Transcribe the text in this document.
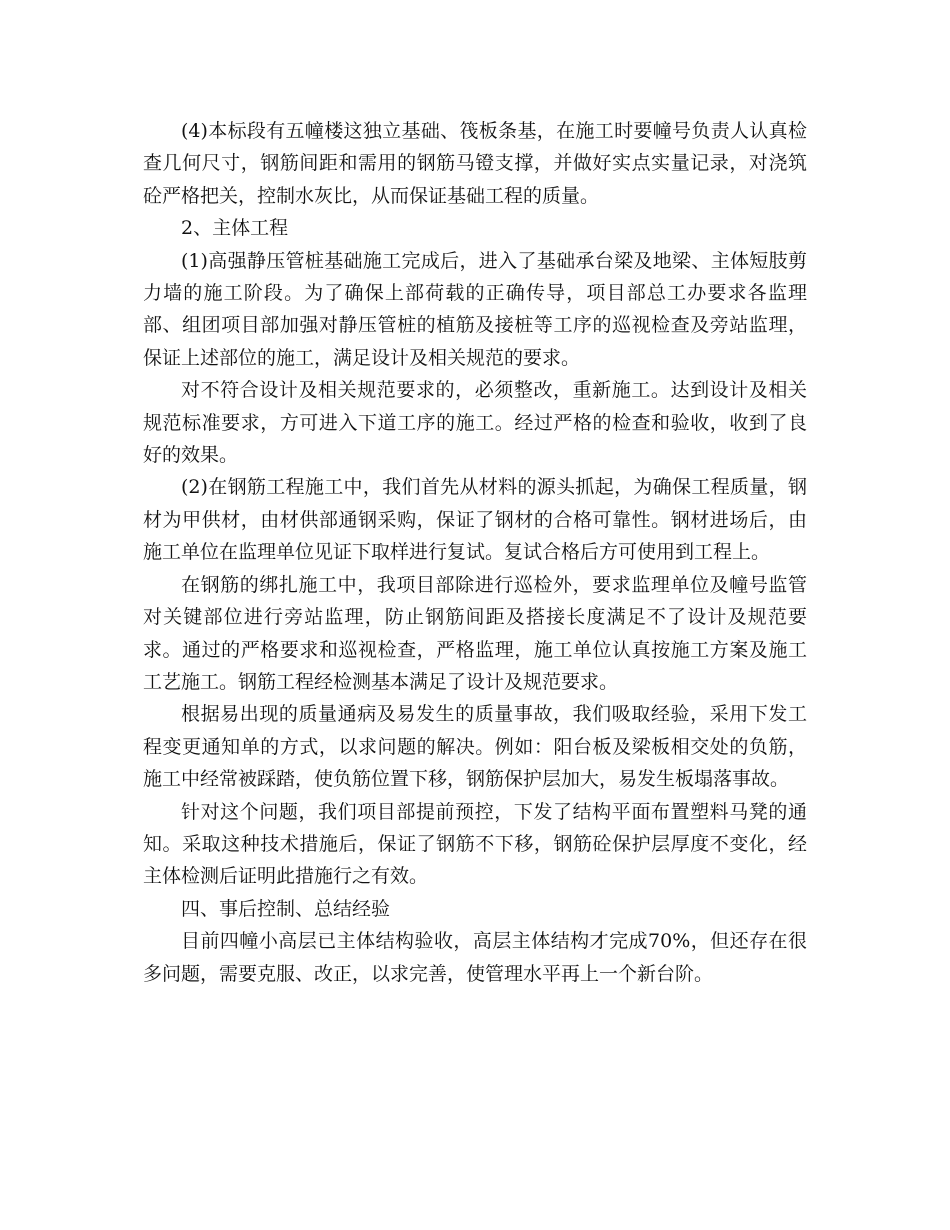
(4)本标段有五幢楼这独立基础、筏板条基，在施工时要幢号负责人认真检查几何尺寸，钢筋间距和需用的钢筋马镫支撑，并做好实点实量记录，对浇筑砼严格把关，控制水灰比，从而保证基础工程的质量。

2、主体工程

(1)高强静压管桩基础施工完成后，进入了基础承台梁及地梁、主体短肢剪力墙的施工阶段。为了确保上部荷载的正确传导，项目部总工办要求各监理部、组团项目部加强对静压管桩的植筋及接桩等工序的巡视检查及旁站监理，保证上述部位的施工，满足设计及相关规范的要求。

对不符合设计及相关规范要求的，必须整改，重新施工。达到设计及相关规范标准要求，方可进入下道工序的施工。经过严格的检查和验收，收到了良好的效果。

(2)在钢筋工程施工中，我们首先从材料的源头抓起，为确保工程质量，钢材为甲供材，由材供部通钢采购，保证了钢材的合格可靠性。钢材进场后，由施工单位在监理单位见证下取样进行复试。复试合格后方可使用到工程上。

在钢筋的绑扎施工中，我项目部除进行巡检外，要求监理单位及幢号监管对关键部位进行旁站监理，防止钢筋间距及搭接长度满足不了设计及规范要求。通过的严格要求和巡视检查，严格监理，施工单位认真按施工方案及施工工艺施工。钢筋工程经检测基本满足了设计及规范要求。

根据易出现的质量通病及易发生的质量事故，我们吸取经验，采用下发工程变更通知单的方式，以求问题的解决。例如：阳台板及梁板相交处的负筋，施工中经常被踩踏，使负筋位置下移，钢筋保护层加大，易发生板塌落事故。

针对这个问题，我们项目部提前预控，下发了结构平面布置塑料马凳的通知。采取这种技术措施后，保证了钢筋不下移，钢筋砼保护层厚度不变化，经主体检测后证明此措施行之有效。

四、事后控制、总结经验

目前四幢小高层已主体结构验收，高层主体结构才完成70%，但还存在很多问题，需要克服、改正，以求完善，使管理水平再上一个新台阶。
